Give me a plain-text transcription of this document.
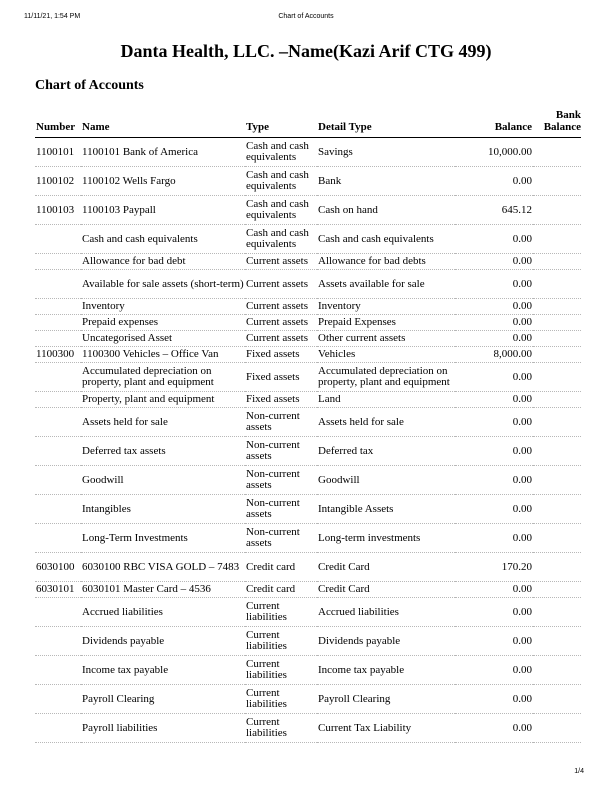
11/11/21, 1:54 PM	Chart of Accounts
Danta Health, LLC. –Name(Kazi Arif CTG 499)
Chart of Accounts
Number	Name	Type	Detail Type	Balance	Bank Balance
1100101	1100101 Bank of America	Cash and cash equivalents	Savings	10,000.00	
1100102	1100102 Wells Fargo	Cash and cash equivalents	Bank	0.00	
1100103	1100103 Paypall	Cash and cash equivalents	Cash on hand	645.12	
	Cash and cash equivalents	Cash and cash equivalents	Cash and cash equivalents	0.00	
	Allowance for bad debt	Current assets	Allowance for bad debts	0.00	
	Available for sale assets (short-term)	Current assets	Assets available for sale	0.00	
	Inventory	Current assets	Inventory	0.00	
	Prepaid expenses	Current assets	Prepaid Expenses	0.00	
	Uncategorised Asset	Current assets	Other current assets	0.00	
1100300	1100300 Vehicles – Office Van	Fixed assets	Vehicles	8,000.00	
	Accumulated depreciation on property, plant and equipment	Fixed assets	Accumulated depreciation on property, plant and equipment	0.00	
	Property, plant and equipment	Fixed assets	Land	0.00	
	Assets held for sale	Non-current assets	Assets held for sale	0.00	
	Deferred tax assets	Non-current assets	Deferred tax	0.00	
	Goodwill	Non-current assets	Goodwill	0.00	
	Intangibles	Non-current assets	Intangible Assets	0.00	
	Long-Term Investments	Non-current assets	Long-term investments	0.00	
6030100	6030100 RBC VISA GOLD – 7483	Credit card	Credit Card	170.20	
6030101	6030101 Master Card – 4536	Credit card	Credit Card	0.00	
	Accrued liabilities	Current liabilities	Accrued liabilities	0.00	
	Dividends payable	Current liabilities	Dividends payable	0.00	
	Income tax payable	Current liabilities	Income tax payable	0.00	
	Payroll Clearing	Current liabilities	Payroll Clearing	0.00	
	Payroll liabilities	Current liabilities	Current Tax Liability	0.00	
1/4
